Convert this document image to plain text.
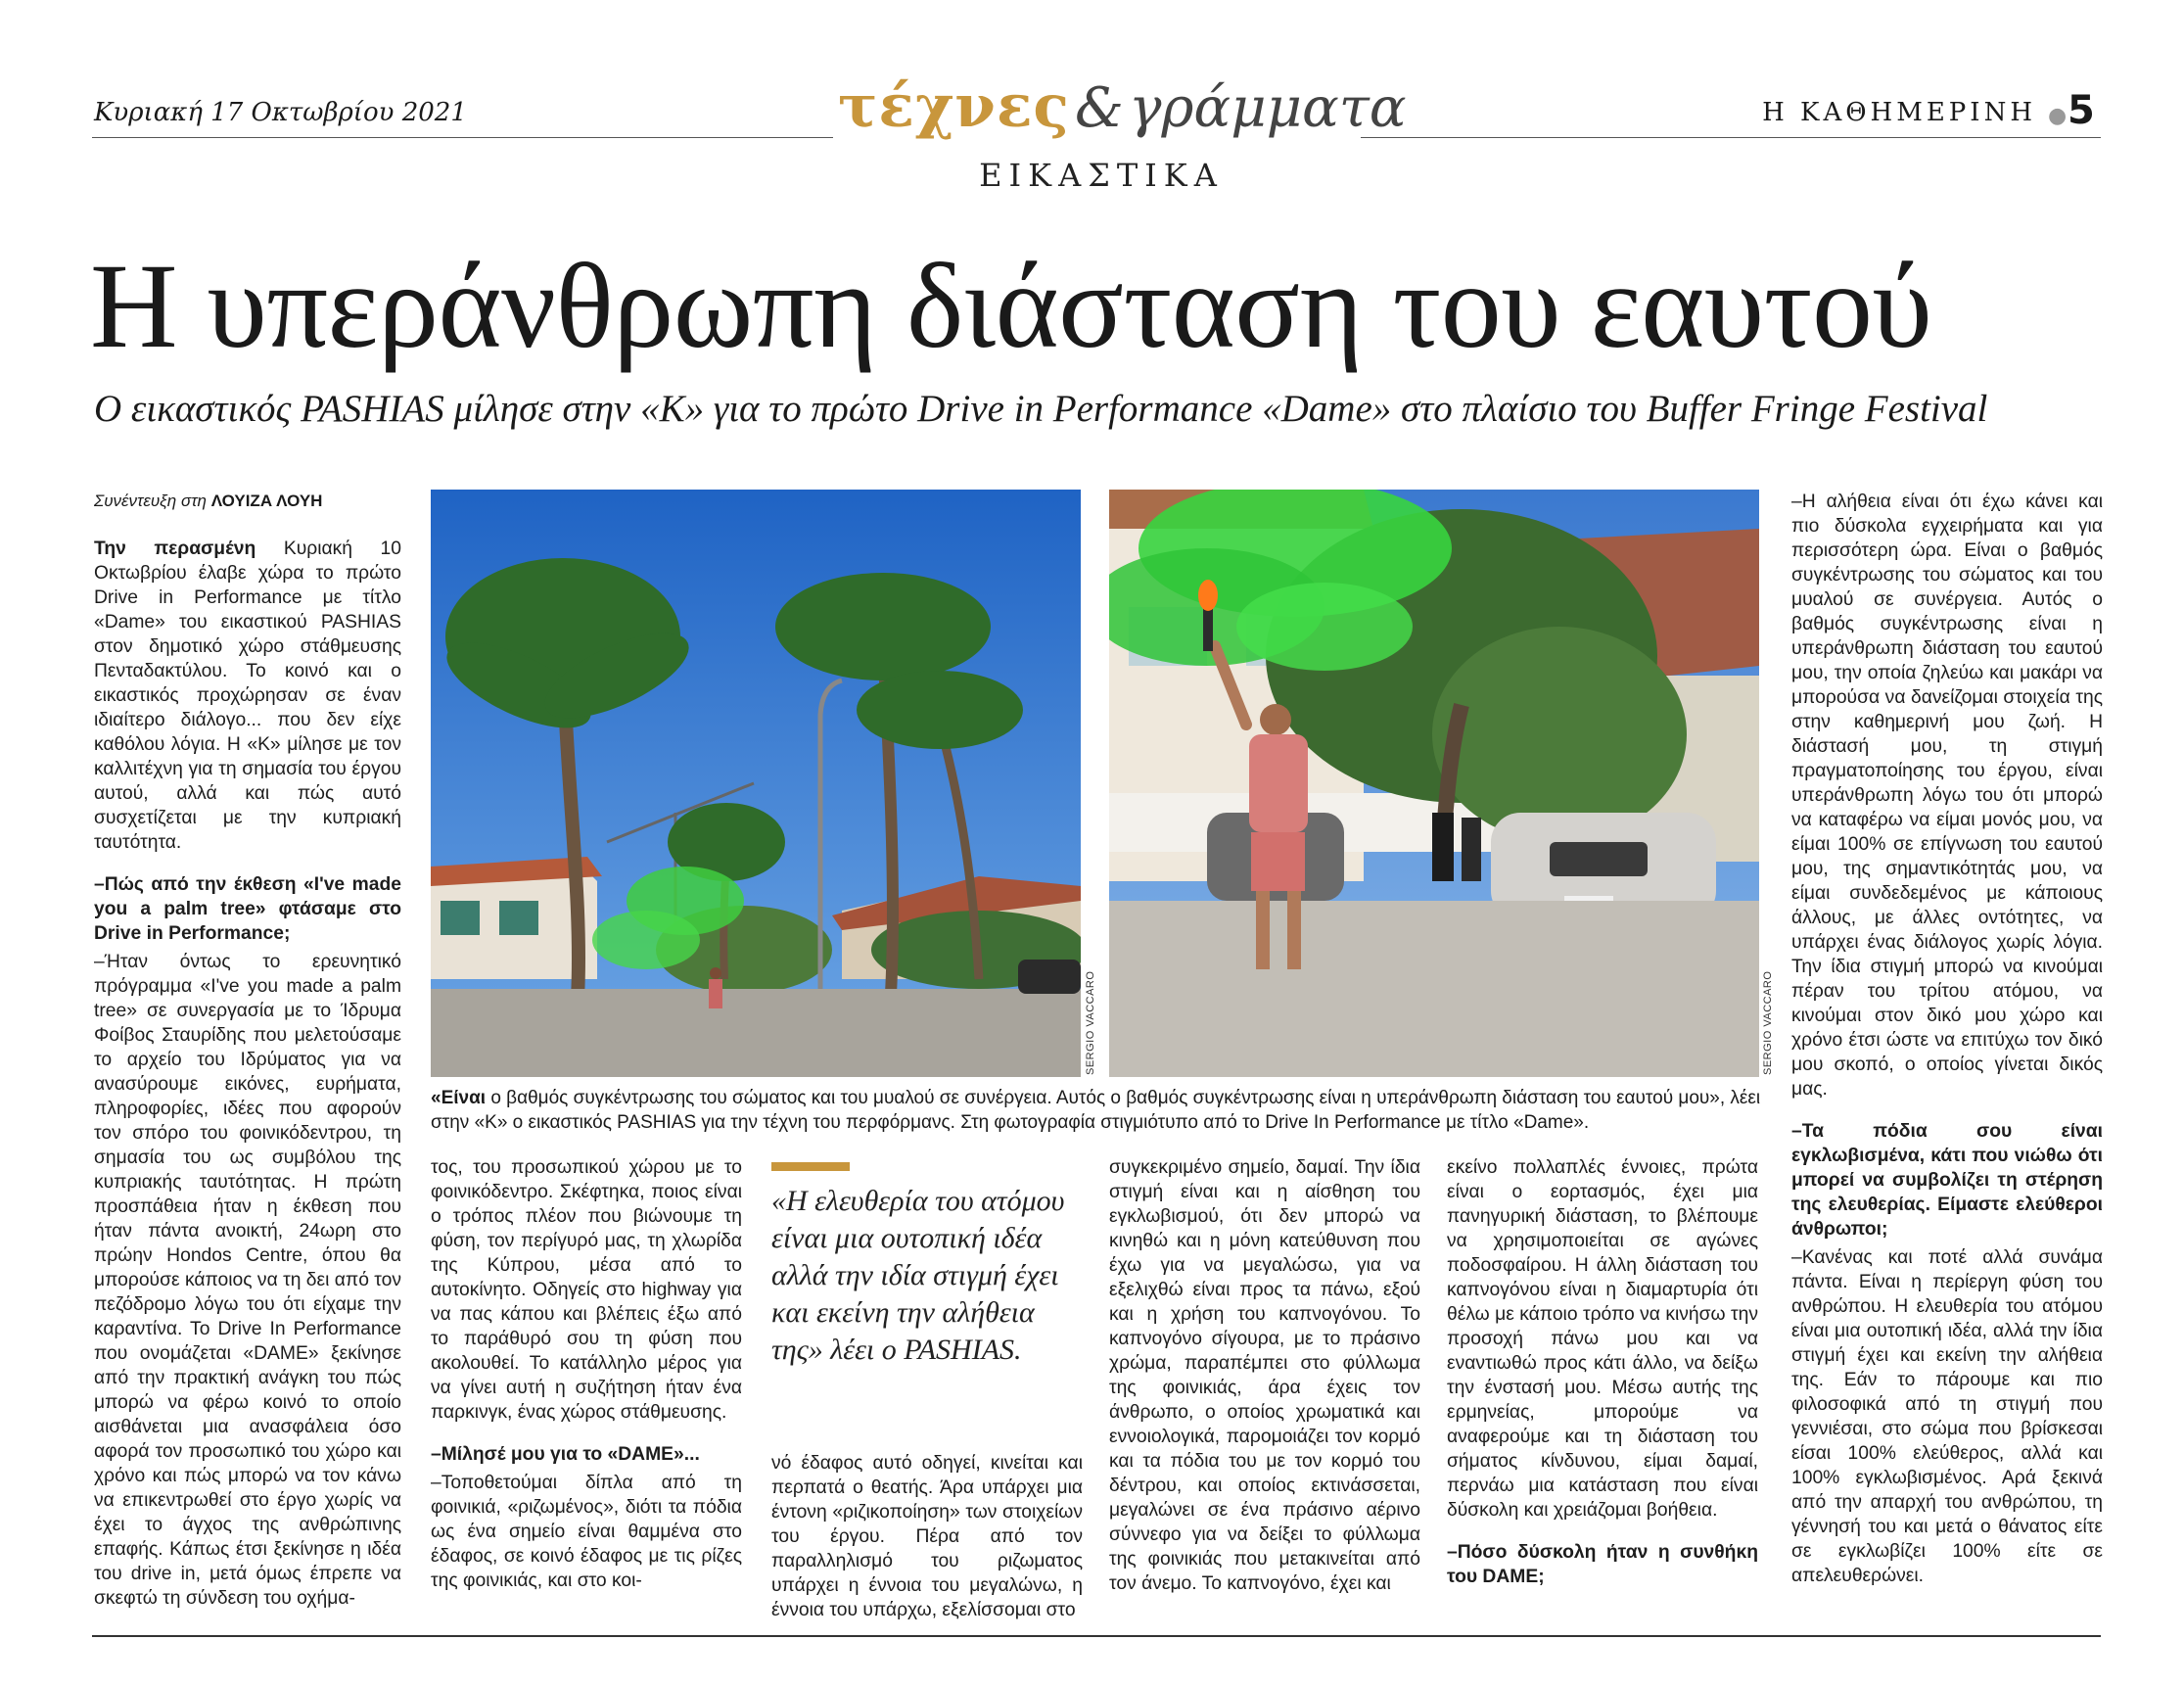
Κυριακή 17 Οκτωβρίου 2021	τέχνες & γράμματα
ΕΙΚΑΣΤΙΚΑ
Η ΚΑΘΗΜΕΡΙΝΗ ● 5
Η υπεράνθρωπη διάσταση του εαυτού
Ο εικαστικός PASHIAS μίλησε στην «Κ» για το πρώτο Drive in Performance «Dame» στο πλαίσιο του Buffer Fringe Festival
Συνέντευξη στη ΛΟΥΙΖΑ ΛΟΥΗ

Την περασμένη Κυριακή 10 Οκτωβρίου έλαβε χώρα το πρώτο Drive in Performance με τίτλο «Dame» του εικαστικού PASHIAS στον δημοτικό χώρο στάθμευσης Πενταδακτύλου. Το κοινό και ο εικαστικός προχώρησαν σε έναν ιδιαίτερο διάλογο... που δεν είχε καθόλου λόγια. Η «Κ» μίλησε με τον καλλιτέχνη για τη σημασία του έργου αυτού, αλλά και πώς αυτό συσχετίζεται με την κυπριακή ταυτότητα.

–Πώς από την έκθεση «I've made you a palm tree» φτάσαμε στο Drive in Performance;

–Ήταν όντως το ερευνητικό πρόγραμμα «I've you made a palm tree» σε συνεργασία με το Ίδρυμα Φοίβος Σταυρίδης που μελετούσαμε το αρχείο του Ιδρύματος για να ανασύρουμε εικόνες, ευρήματα, πληροφορίες, ιδέες που αφορούν τον σπόρο του φοινικόδεντρου, τη σημασία του ως συμβόλου της κυπριακής ταυτότητας. Η πρώτη προσπάθεια ήταν η έκθεση που ήταν πάντα ανοικτή, 24ωρη στο πρώην Hondos Centre, όπου θα μπορούσε κάποιος να τη δει από τον πεζόδρομο λόγω του ότι είχαμε την καραντίνα. Το Drive In Performance που ονομάζεται «DAME» ξεκίνησε από την πρακτική ανάγκη του πώς μπορώ να φέρω κοινό το οποίο αισθάνεται μια ανασφάλεια όσο αφορά τον προσωπικό του χώρο και χρόνο και πώς μπορώ να τον κάνω να επικεντρωθεί στο έργο χωρίς να έχει το άγχος της ανθρώπινης επαφής. Κάπως έτσι ξεκίνησε η ιδέα του drive in, μετά όμως έπρεπε να σκεφτώ τη σύνδεση του οχήμα-

SERGIO VACCARO	SERGIO VACCARO
«Είναι ο βαθμός συγκέντρωσης του σώματος και του μυαλού σε συνέργεια. Αυτός ο βαθμός συγκέντρωσης είναι η υπεράνθρωπη διάσταση του εαυτού μου», λέει στην «Κ» ο εικαστικός PASHIAS για την τέχνη του περφόρμανς. Στη φωτογραφία στιγμιότυπο από το Drive In Performance με τίτλο «Dame».

τος, του προσωπικού χώρου με το φοινικόδεντρο. Σκέφτηκα, ποιος είναι ο τρόπος πλέον που βιώνουμε τη φύση, τον περίγυρό μας, τη χλωρίδα της Κύπρου, μέσα από το αυτοκίνητο. Οδηγείς στο highway για να πας κάπου και βλέπεις έξω από το παράθυρό σου τη φύση που ακολουθεί. Το κατάλληλο μέρος για να γίνει αυτή η συζήτηση ήταν ένα παρκινγκ, ένας χώρος στάθμευσης.

–Μίλησέ μου για το «DAME»...

–Τοποθετούμαι δίπλα από τη φοινικιά, «ριζωμένος», διότι τα πόδια ως ένα σημείο είναι θαμμένα στο έδαφος, σε κοινό έδαφος με τις ρίζες της φοινικιάς, και στο κοι-

«Η ελευθερία του ατόμου είναι μια ουτοπική ιδέα αλλά την ιδία στιγμή έχει και εκείνη την αλήθεια της» λέει ο PASHIAS.

νό έδαφος αυτό οδηγεί, κινείται και περπατά ο θεατής. Άρα υπάρχει μια έντονη «ριζικοποίηση» των στοιχείων του έργου. Πέρα από τον παραλληλισμό του ριζωματος υπάρχει η έννοια του μεγαλώνω, η έννοια του υπάρχω, εξελίσσομαι στο

συγκεκριμένο σημείο, δαμαί. Την ίδια στιγμή είναι και η αίσθηση του εγκλωβισμού, ότι δεν μπορώ να κινηθώ και η μόνη κατεύθυνση που έχω για να μεγαλώσω, για να εξελιχθώ είναι προς τα πάνω, εξού και η χρήση του καπνογόνου. Το καπνογόνο σίγουρα, με το πράσινο χρώμα, παραπέμπει στο φύλλωμα της φοινικιάς, άρα έχεις τον άνθρωπο, ο οποίος χρωματικά και εννοιολογικά, παρομοιάζει τον κορμό και τα πόδια του με τον κορμό του δέντρου, και οποίος εκτινάσσεται, μεγαλώνει σε ένα πράσινο αέρινο σύννεφο για να δείξει το φύλλωμα της φοινικιάς που μετακινείται από τον άνεμο. Το καπνογόνο, έχει και

εκείνο πολλαπλές έννοιες, πρώτα είναι ο εορτασμός, έχει μια πανηγυρική διάσταση, το βλέπουμε να χρησιμοποιείται σε αγώνες ποδοσφαίρου. Η άλλη διάσταση του καπνογόνου είναι η διαμαρτυρία ότι θέλω με κάποιο τρόπο να κινήσω την προσοχή πάνω μου και να εναντιωθώ προς κάτι άλλο, να δείξω την ένστασή μου. Μέσω αυτής της ερμηνείας, μπορούμε να αναφερούμε και τη διάσταση του σήματος κίνδυνου, είμαι δαμαί, περνάω μια κατάσταση που είναι δύσκολη και χρειάζομαι βοήθεια.

–Πόσο δύσκολη ήταν η συνθήκη του DAME;

–Η αλήθεια είναι ότι έχω κάνει και πιο δύσκολα εγχειρήματα και για περισσότερη ώρα. Είναι ο βαθμός συγκέντρωσης του σώματος και του μυαλού σε συνέργεια. Αυτός ο βαθμός συγκέντρωσης είναι η υπεράνθρωπη διάσταση του εαυτού μου, την οποία ζηλεύω και μακάρι να μπορούσα να δανείζομαι στοιχεία της στην καθημερινή μου ζωή. Η διάστασή μου, τη στιγμή πραγματοποίησης του έργου, είναι υπεράνθρωπη λόγω του ότι μπορώ να καταφέρω να είμαι μονός μου, να είμαι 100% σε επίγνωση του εαυτού μου, της σημαντικότητάς μου, να είμαι συνδεδεμένος με κάποιους άλλους, με άλλες οντότητες, να υπάρχει ένας διάλογος χωρίς λόγια. Την ίδια στιγμή μπορώ να κινούμαι πέραν του τρίτου ατόμου, να κινούμαι στον δικό μου χώρο και χρόνο έτσι ώστε να επιτύχω τον δικό μου σκοπό, ο οποίος γίνεται δικός μας.

–Τα πόδια σου είναι εγκλωβισμένα, κάτι που νιώθω ότι μπορεί να συμβολίζει τη στέρηση της ελευθερίας. Είμαστε ελεύθεροι άνθρωποι;

–Κανένας και ποτέ αλλά συνάμα πάντα. Είναι η περίεργη φύση του ανθρώπου. Η ελευθερία του ατόμου είναι μια ουτοπική ιδέα, αλλά την ίδια στιγμή έχει και εκείνη την αλήθεια της. Εάν το πάρουμε και πιο φιλοσοφικά από τη στιγμή που γεννιέσαι, στο σώμα που βρίσκεσαι είσαι 100% ελεύθερος, αλλά και 100% εγκλωβισμένος. Αρά ξεκινά από την απαρχή του ανθρώπου, τη γέννησή του και μετά ο θάνατος είτε σε εγκλωβίζει 100% είτε σε απελευθερώνει.
